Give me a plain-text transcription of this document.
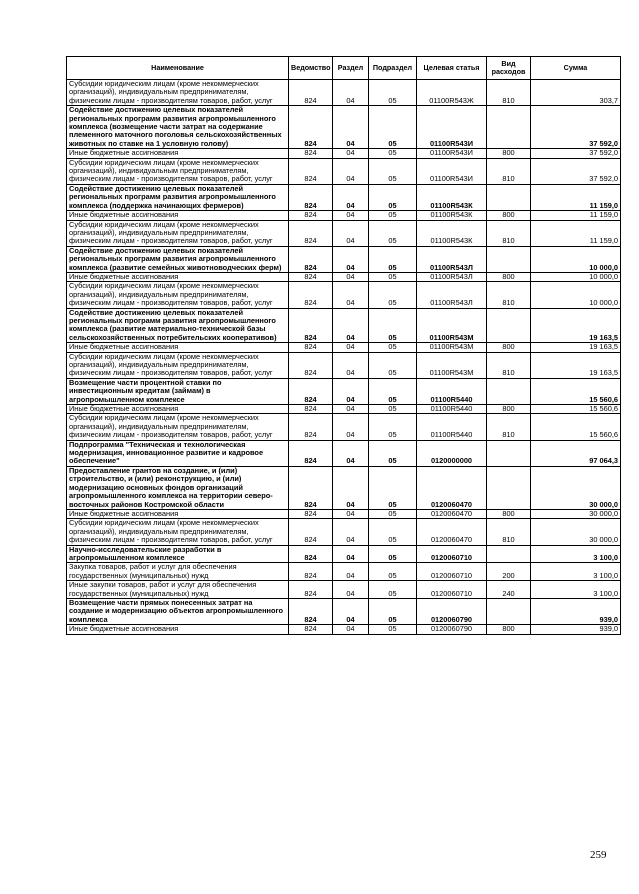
Наименование	Ведомство	Раздел	Подраздел	Целевая статья	Вид расходов	Сумма
Субсидии юридическим лицам (кроме некоммерческих организаций), индивидуальным предпринимателям, физическим лицам - производителям товаров, работ, услуг	824	04	05	01100R543Ж	810	303,7
Содействие достижению целевых показателей региональных программ развития агропромышленного комплекса (возмещение части затрат на содержание племенного маточного поголовья сельскохозяйственных животных по ставке на 1 условную голову)	824	04	05	01100R543И		37 592,0
Иные бюджетные ассигнования	824	04	05	01100R543И	800	37 592,0
Субсидии юридическим лицам (кроме некоммерческих организаций), индивидуальным предпринимателям, физическим лицам - производителям товаров, работ, услуг	824	04	05	01100R543И	810	37 592,0
Содействие достижению целевых показателей региональных программ развития агропромышленного комплекса (поддержка начинающих фермеров)	824	04	05	01100R543К		11 159,0
Иные бюджетные ассигнования	824	04	05	01100R543К	800	11 159,0
Субсидии юридическим лицам (кроме некоммерческих организаций), индивидуальным предпринимателям, физическим лицам - производителям товаров, работ, услуг	824	04	05	01100R543К	810	11 159,0
Содействие достижению целевых показателей региональных программ развития агропромышленного комплекса (развитие семейных животноводческих ферм)	824	04	05	01100R543Л		10 000,0
Иные бюджетные ассигнования	824	04	05	01100R543Л	800	10 000,0
Субсидии юридическим лицам (кроме некоммерческих организаций), индивидуальным предпринимателям, физическим лицам - производителям товаров, работ, услуг	824	04	05	01100R543Л	810	10 000,0
Содействие достижению целевых показателей региональных программ развития агропромышленного комплекса (развитие материально-технической базы сельскохозяйственных потребительских кооперативов)	824	04	05	01100R543М		19 163,5
Иные бюджетные ассигнования	824	04	05	01100R543М	800	19 163,5
Субсидии юридическим лицам (кроме некоммерческих организаций), индивидуальным предпринимателям, физическим лицам - производителям товаров, работ, услуг	824	04	05	01100R543М	810	19 163,5
Возмещение части процентной ставки по инвестиционным кредитам (займам) в агропромышленном комплексе	824	04	05	01100R5440		15 560,6
Иные бюджетные ассигнования	824	04	05	01100R5440	800	15 560,6
Субсидии юридическим лицам (кроме некоммерческих организаций), индивидуальным предпринимателям, физическим лицам - производителям товаров, работ, услуг	824	04	05	01100R5440	810	15 560,6
Подпрограмма "Техническая и технологическая модернизация, инновационное развитие и кадровое обеспечение"	824	04	05	0120000000		97 064,3
Предоставление грантов на создание, и (или) строительство, и (или) реконструкцию, и (или) модернизацию основных фондов организаций агропромышленного комплекса на территории северо-восточных районов Костромской области	824	04	05	0120060470		30 000,0
Иные бюджетные ассигнования	824	04	05	0120060470	800	30 000,0
Субсидии юридическим лицам (кроме некоммерческих организаций), индивидуальным предпринимателям, физическим лицам - производителям товаров, работ, услуг	824	04	05	0120060470	810	30 000,0
Научно-исследовательские разработки в агропромышленном комплексе	824	04	05	0120060710		3 100,0
Закупка товаров, работ и услуг для обеспечения государственных (муниципальных) нужд	824	04	05	0120060710	200	3 100,0
Иные закупки товаров, работ и услуг для обеспечения государственных (муниципальных) нужд	824	04	05	0120060710	240	3 100,0
Возмещение части прямых понесенных затрат на создание и модернизацию объектов агропромышленного комплекса	824	04	05	0120060790		939,0
Иные бюджетные ассигнования	824	04	05	0120060790	800	939,0
259
